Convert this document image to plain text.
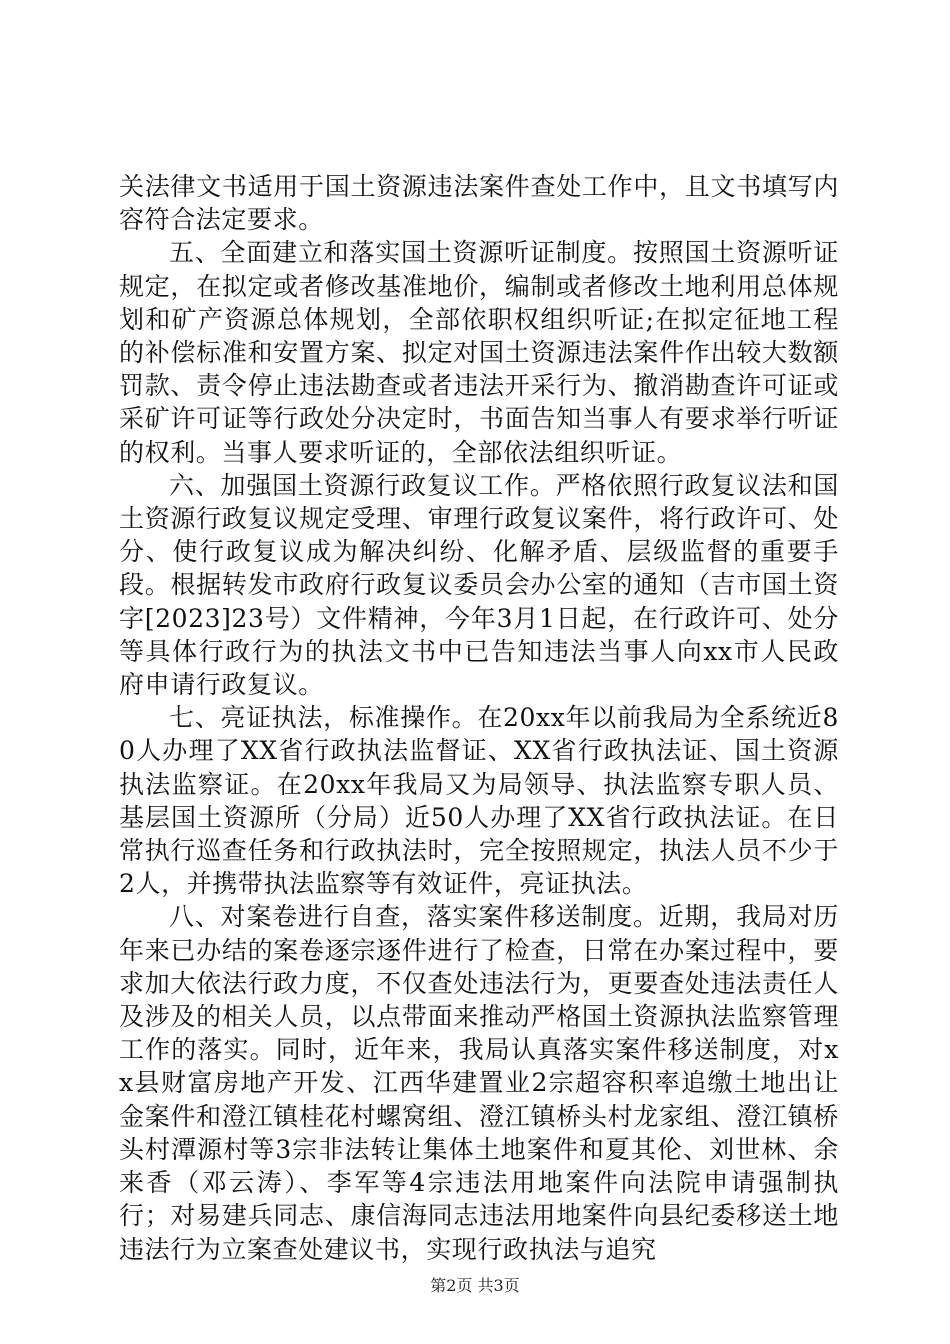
关法律文书适用于国土资源违法案件查处工作中，且文书填写内容符合法定要求。

五、全面建立和落实国土资源听证制度。按照国土资源听证规定，在拟定或者修改基准地价，编制或者修改土地利用总体规划和矿产资源总体规划，全部依职权组织听证;在拟定征地工程的补偿标准和安置方案、拟定对国土资源违法案件作出较大数额罚款、责令停止违法勘查或者违法开采行为、撤消勘查许可证或采矿许可证等行政处分决定时，书面告知当事人有要求举行听证的权利。当事人要求听证的，全部依法组织听证。

六、加强国土资源行政复议工作。严格依照行政复议法和国土资源行政复议规定受理、审理行政复议案件，将行政许可、处分、使行政复议成为解决纠纷、化解矛盾、层级监督的重要手段。根据转发市政府行政复议委员会办公室的通知（吉市国土资字[2023]23号）文件精神，今年3月1日起，在行政许可、处分等具体行政行为的执法文书中已告知违法当事人向xx市人民政府申请行政复议。

七、亮证执法，标准操作。在20xx年以前我局为全系统近80人办理了XX省行政执法监督证、XX省行政执法证、国土资源执法监察证。在20xx年我局又为局领导、执法监察专职人员、基层国土资源所（分局）近50人办理了XX省行政执法证。在日常执行巡查任务和行政执法时，完全按照规定，执法人员不少于2人，并携带执法监察等有效证件，亮证执法。

八、对案卷进行自查，落实案件移送制度。近期，我局对历年来已办结的案卷逐宗逐件进行了检查，日常在办案过程中，要求加大依法行政力度，不仅查处违法行为，更要查处违法责任人及涉及的相关人员，以点带面来推动严格国土资源执法监察管理工作的落实。同时，近年来，我局认真落实案件移送制度，对xx县财富房地产开发、江西华建置业2宗超容积率追缴土地出让金案件和澄江镇桂花村螺窝组、澄江镇桥头村龙家组、澄江镇桥头村潭源村等3宗非法转让集体土地案件和夏其伦、刘世林、余来香（邓云涛）、李军等4宗违法用地案件向法院申请强制执行；对易建兵同志、康信海同志违法用地案件向县纪委移送土地违法行为立案查处建议书，实现行政执法与追究

第2页 共3页
